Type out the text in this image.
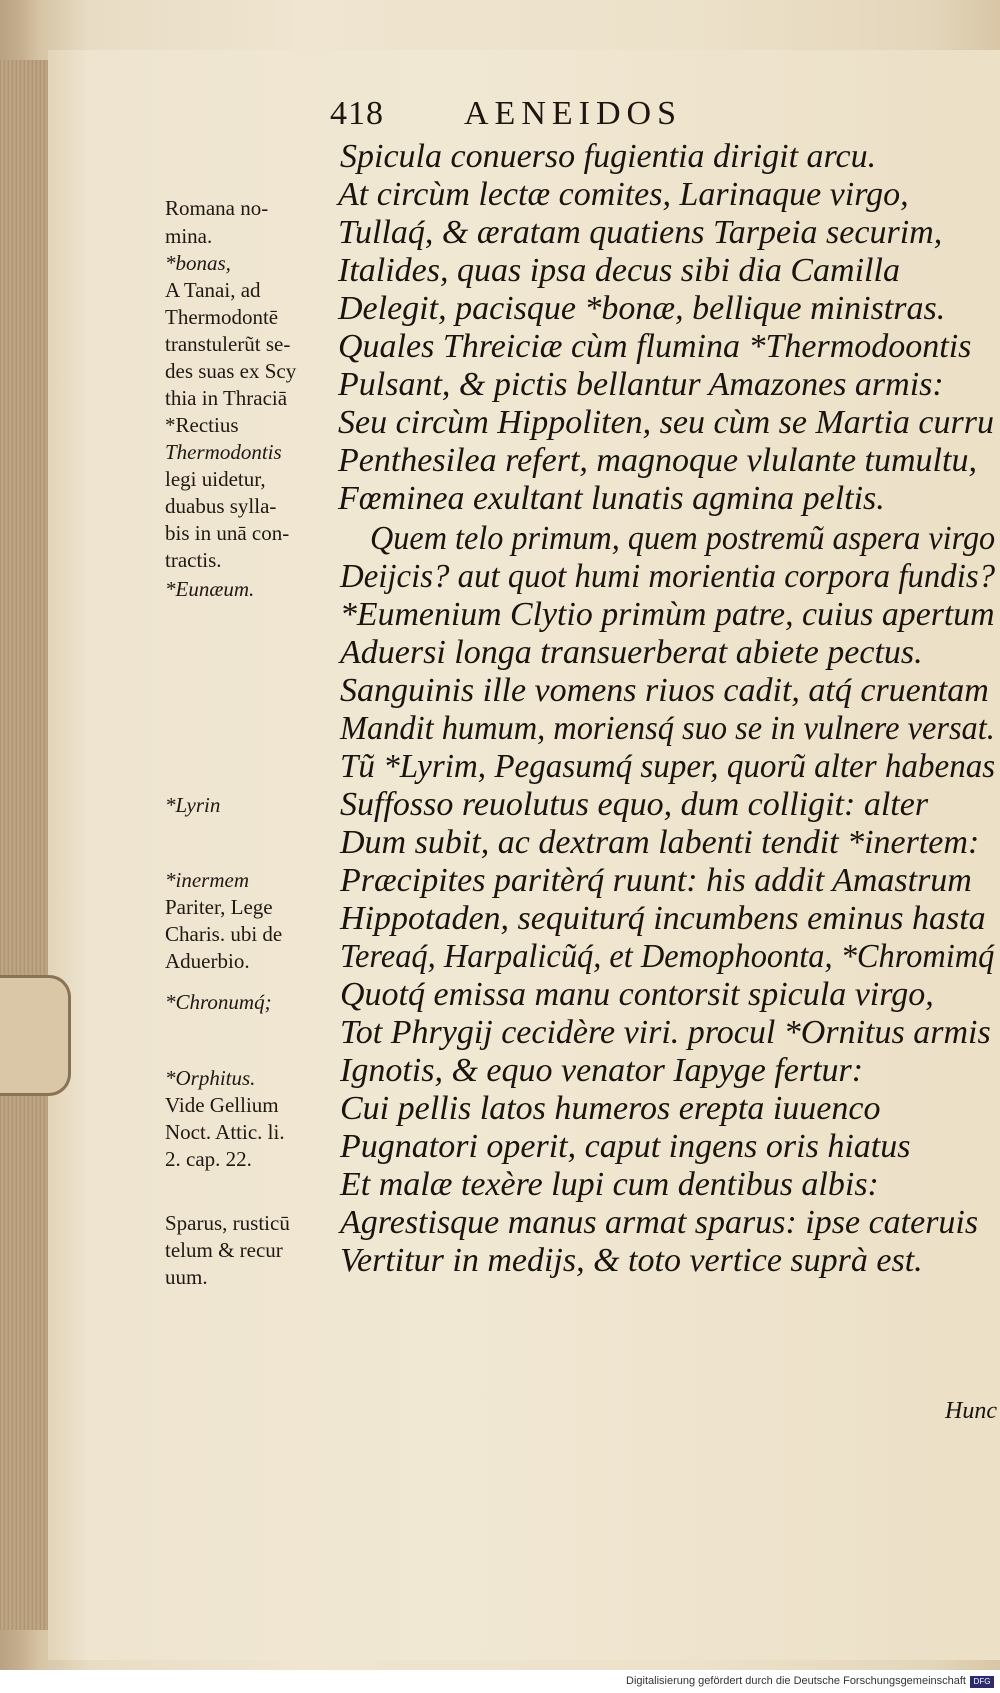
418 AENEIDOS
Spicula conuerso fugientia dirigit arcu.
At circùm lectæ comites, Larinaque virgo,
Tullaq́, & æratam quatiens Tarpeia securim,
Italides, quas ipsa decus sibi dia Camilla
Delegit, pacisque *bonæ, bellique ministras.
Quales Threiciæ cùm flumina *Thermodoontis
Pulsant, & pictis bellantur Amazones armis:
Seu circùm Hippoliten, seu cùm se Martia curru
Penthesilea refert, magnoque vlulante tumultu,
Fœminea exultant lunatis agmina peltis.
Quem telo primum, quem postremũ aspera virgo
Deijcis? aut quot humi morientia corpora fundis?
*Eumenium Clytio primùm patre, cuius apertum
Aduersi longa transuerberat abiete pectus.
Sanguinis ille vomens riuos cadit, atq́ cruentam
Mandit humum, moriensq́ suo se in vulnere versat.
Tũ *Lyrim, Pegasumq́ super, quorũ alter habenas
Suffosso reuolutus equo, dum colligit: alter
Dum subit, ac dextram labenti tendit *inertem:
Præcipites paritèrq́ ruunt: his addit Amastrum
Hippotaden, sequiturq́ incumbens eminus hasta
Tereaq́, Harpalicũq́, et Demophoonta, *Chromimq́
Quotq́ emissa manu contorsit spicula virgo,
Tot Phrygij cecidère viri. procul *Ornitus armis
Ignotis, & equo venator Iapyge fertur:
Cui pellis latos humeros erepta iuuenco
Pugnatori operit, caput ingens oris hiatus
Et malæ texère lupi cum dentibus albis:
Agrestisque manus armat sparus: ipse cateruis
Vertitur in medijs, & toto vertice suprà est.
Romana no-
mina.
*bonas,
A Tanai, ad
Thermodontē
transtulerũt se-
des suas ex Scy
thia in Thraciā
*Rectius
Thermodontis
legi uidetur,
duabus sylla-
bis in unā con-
tractis.
*Eunæum.
*Lyrin
*inermem
Pariter, Lege
Charis. ubi de
Aduerbio.
*Chronumq́;
*Orphitus.
Vide Gellium
Noct. Attic. li.
2. cap. 22.
Sparus, rusticū
telum & recur
uum.
Hunc
Digitalisierung gefördert durch die Deutsche Forschungsgemeinschaft DFG
